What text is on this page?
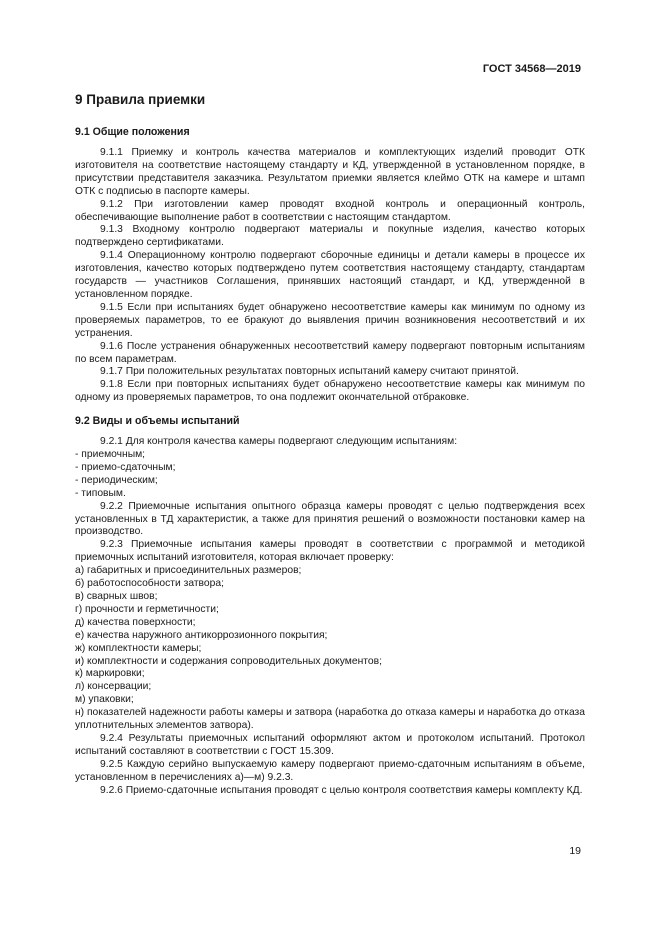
ГОСТ 34568—2019
9 Правила приемки
9.1 Общие положения
9.1.1 Приемку и контроль качества материалов и комплектующих изделий проводит ОТК изготовителя на соответствие настоящему стандарту и КД, утвержденной в установленном порядке, в присутствии представителя заказчика. Результатом приемки является клеймо ОТК на камере и штамп ОТК с подписью в паспорте камеры.
9.1.2 При изготовлении камер проводят входной контроль и операционный контроль, обеспечивающие выполнение работ в соответствии с настоящим стандартом.
9.1.3 Входному контролю подвергают материалы и покупные изделия, качество которых подтверждено сертификатами.
9.1.4 Операционному контролю подвергают сборочные единицы и детали камеры в процессе их изготовления, качество которых подтверждено путем соответствия настоящему стандарту, стандартам государств — участников Соглашения, принявших настоящий стандарт, и КД, утвержденной в установленном порядке.
9.1.5 Если при испытаниях будет обнаружено несоответствие камеры как минимум по одному из проверяемых параметров, то ее бракуют до выявления причин возникновения несоответствий и их устранения.
9.1.6 После устранения обнаруженных несоответствий камеру подвергают повторным испытаниям по всем параметрам.
9.1.7 При положительных результатах повторных испытаний камеру считают принятой.
9.1.8 Если при повторных испытаниях будет обнаружено несоответствие камеры как минимум по одному из проверяемых параметров, то она подлежит окончательной отбраковке.
9.2 Виды и объемы испытаний
9.2.1 Для контроля качества камеры подвергают следующим испытаниям:
- приемочным;
- приемо-сдаточным;
- периодическим;
- типовым.
9.2.2 Приемочные испытания опытного образца камеры проводят с целью подтверждения всех установленных в ТД характеристик, а также для принятия решений о возможности постановки камер на производство.
9.2.3 Приемочные испытания камеры проводят в соответствии с программой и методикой приемочных испытаний изготовителя, которая включает проверку:
а) габаритных и присоединительных размеров;
б) работоспособности затвора;
в) сварных швов;
г) прочности и герметичности;
д) качества поверхности;
е) качества наружного антикоррозионного покрытия;
ж) комплектности камеры;
и) комплектности и содержания сопроводительных документов;
к) маркировки;
л) консервации;
м) упаковки;
н) показателей надежности работы камеры и затвора (наработка до отказа камеры и наработка до отказа уплотнительных элементов затвора).
9.2.4 Результаты приемочных испытаний оформляют актом и протоколом испытаний. Протокол испытаний составляют в соответствии с ГОСТ 15.309.
9.2.5 Каждую серийно выпускаемую камеру подвергают приемо-сдаточным испытаниям в объеме, установленном в перечислениях а)—м) 9.2.3.
9.2.6 Приемо-сдаточные испытания проводят с целью контроля соответствия камеры комплекту КД.
19
